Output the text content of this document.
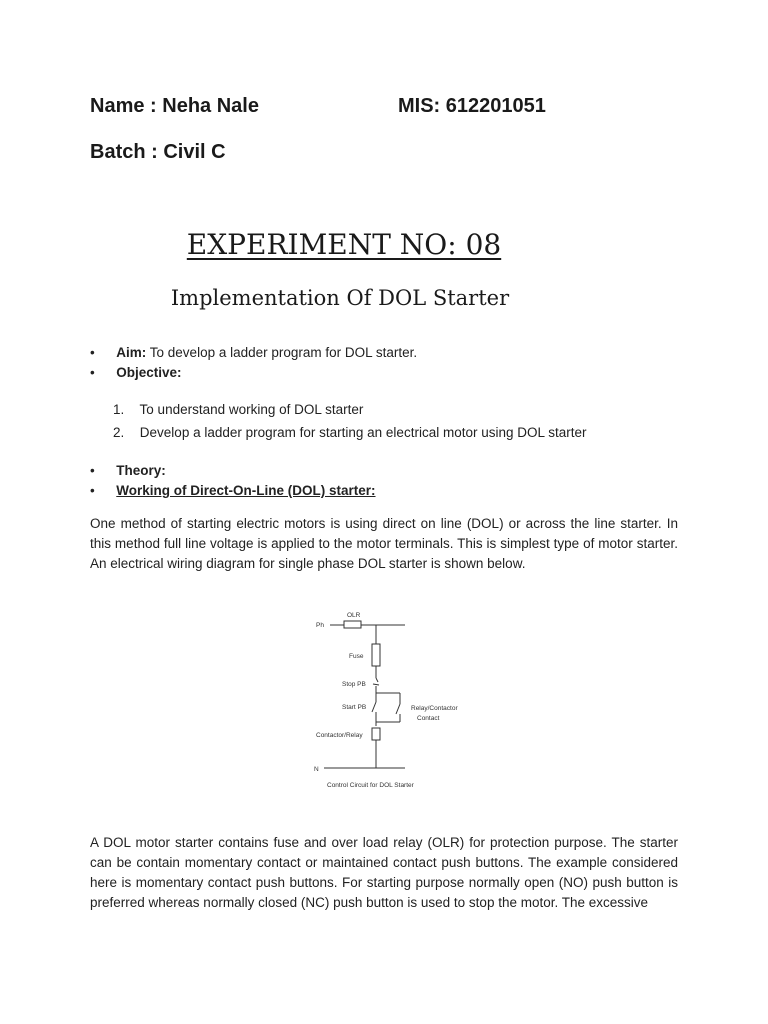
Name : Neha Nale	MIS: 612201051
Batch : Civil C
EXPERIMENT NO: 08
Implementation Of DOL Starter
• Aim: To develop a ladder program for DOL starter.
• Objective:
1. To understand working of DOL starter
2. Develop a ladder program for starting an electrical motor using DOL starter
• Theory:
• Working of Direct-On-Line (DOL) starter:
One method of starting electric motors is using direct on line (DOL) or across the line starter. In this method full line voltage is applied to the motor terminals. This is simplest type of motor starter. An electrical wiring diagram for single phase DOL starter is shown below.
OLR
Ph
Fuse
Stop PB
Start PB	Relay/Contactor
Contact
Contactor/Relay
N
Control Circuit for DOL Starter
A DOL motor starter contains fuse and over load relay (OLR) for protection purpose. The starter can be contain momentary contact or maintained contact push buttons. The example considered here is momentary contact push buttons. For starting purpose normally open (NO) push button is preferred whereas normally closed (NC) push button is used to stop the motor. The excessive
